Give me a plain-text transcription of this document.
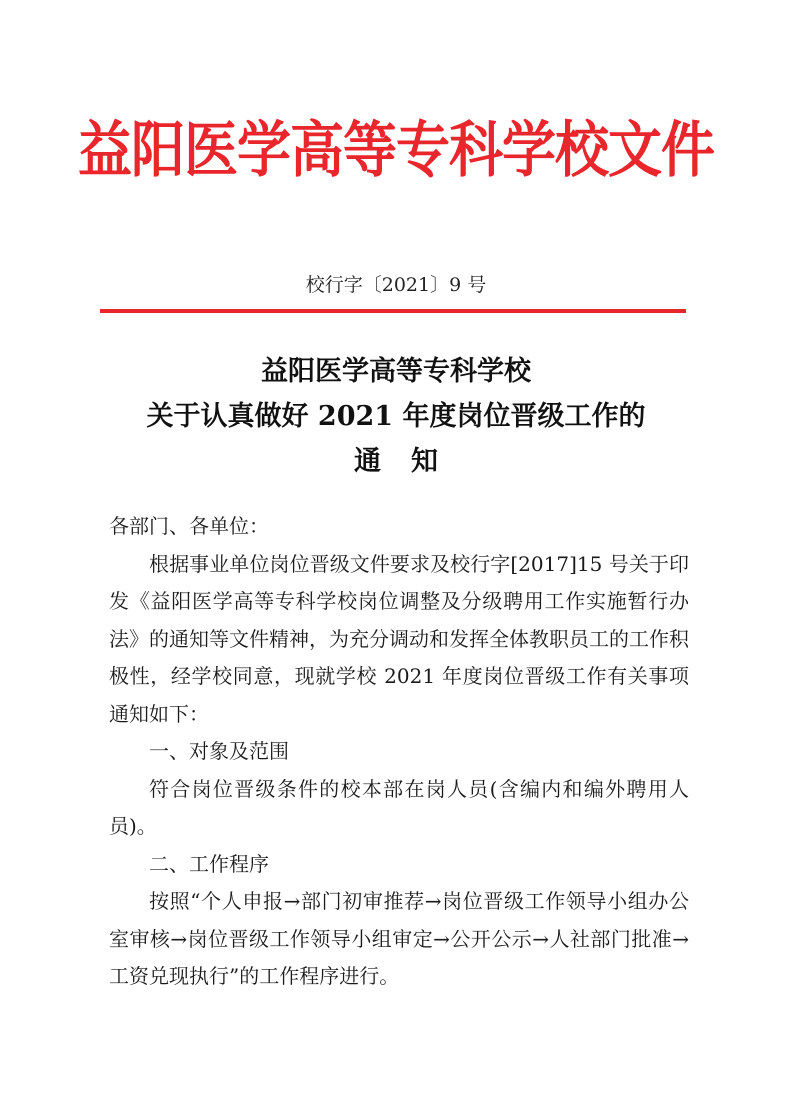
益阳医学高等专科学校文件
校行字〔2021〕9 号
益阳医学高等专科学校
关于认真做好 2021 年度岗位晋级工作的
通知

各部门、各单位：

根据事业单位岗位晋级文件要求及校行字[2017]15 号关于印发《益阳医学高等专科学校岗位调整及分级聘用工作实施暂行办法》的通知等文件精神，为充分调动和发挥全体教职员工的工作积极性，经学校同意，现就学校 2021 年度岗位晋级工作有关事项通知如下：

一、对象及范围

符合岗位晋级条件的校本部在岗人员(含编内和编外聘用人员)。

二、工作程序

按照“个人申报→部门初审推荐→岗位晋级工作领导小组办公室审核→岗位晋级工作领导小组审定→公开公示→人社部门批准→工资兑现执行”的工作程序进行。
